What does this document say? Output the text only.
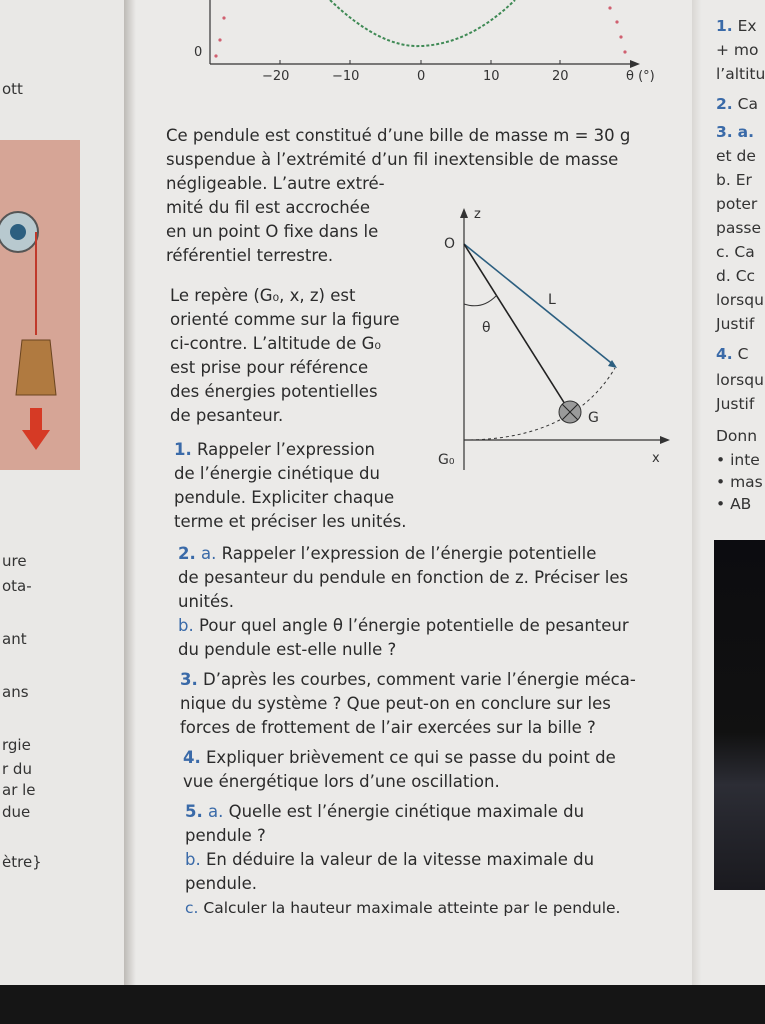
ott
ure
ota-
ant
ans
rgie
r du
ar le
due
ètre}
0
−20	−10	0	10	20	θ (°)
Ce pendule est constitué d’une bille de masse m = 30 g
suspendue à l’extrémité d’un fil inextensible de masse
négligeable. L’autre extré-
mité du fil est accrochée
en un point O fixe dans le
référentiel terrestre.
Le repère (G₀, x, z) est
orienté comme sur la figure
ci-contre. L’altitude de G₀
est prise pour référence
des énergies potentielles
de pesanteur.
z
O
L
θ
G
G₀	x
1. Rappeler l’expression
de l’énergie cinétique du
pendule. Expliciter chaque
terme et préciser les unités.
2. a. Rappeler l’expression de l’énergie potentielle
de pesanteur du pendule en fonction de z. Préciser les
unités.
b. Pour quel angle θ l’énergie potentielle de pesanteur
du pendule est-elle nulle ?
3. D’après les courbes, comment varie l’énergie méca-
nique du système ? Que peut-on en conclure sur les
forces de frottement de l’air exercées sur la bille ?
4. Expliquer brièvement ce qui se passe du point de
vue énergétique lors d’une oscillation.
5. a. Quelle est l’énergie cinétique maximale du
pendule ?
b. En déduire la valeur de la vitesse maximale du
pendule.
c. Calculer la hauteur maximale atteinte par le pendule.
1. Ex
+ mo
l’altitu
2. Ca
3. a.
et de
b. Er
poter
passe
c. Ca
d. Cc
lorsqu
Justif
4. C
lorsqu
Justif
Donn
• inte
• mas
• AB
